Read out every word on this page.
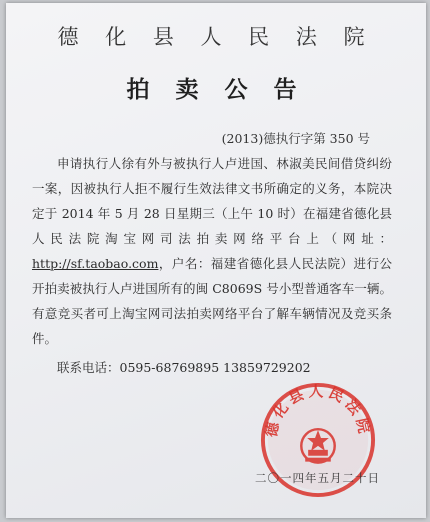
德 化 县 人 民 法 院
拍 卖 公 告
(2013)德执行字第 350 号

申请执行人徐有外与被执行人卢进国、林淑美民间借贷纠纷一案，因被执行人拒不履行生效法律文书所确定的义务，本院决定于 2014 年 5 月 28 日星期三（上午 10 时）在福建省德化县人民法院淘宝网司法拍卖网络平台上（网址：http://sf.taobao.com，户名：福建省德化县人民法院）进行公开拍卖被执行人卢进国所有的闽 C8069S 号小型普通客车一辆。有意竞买者可上淘宝网司法拍卖网络平台了解车辆情况及竞买条件。

联系电话：0595-68769895 13859729202

德化县人民法院
二〇一四年五月二十日
